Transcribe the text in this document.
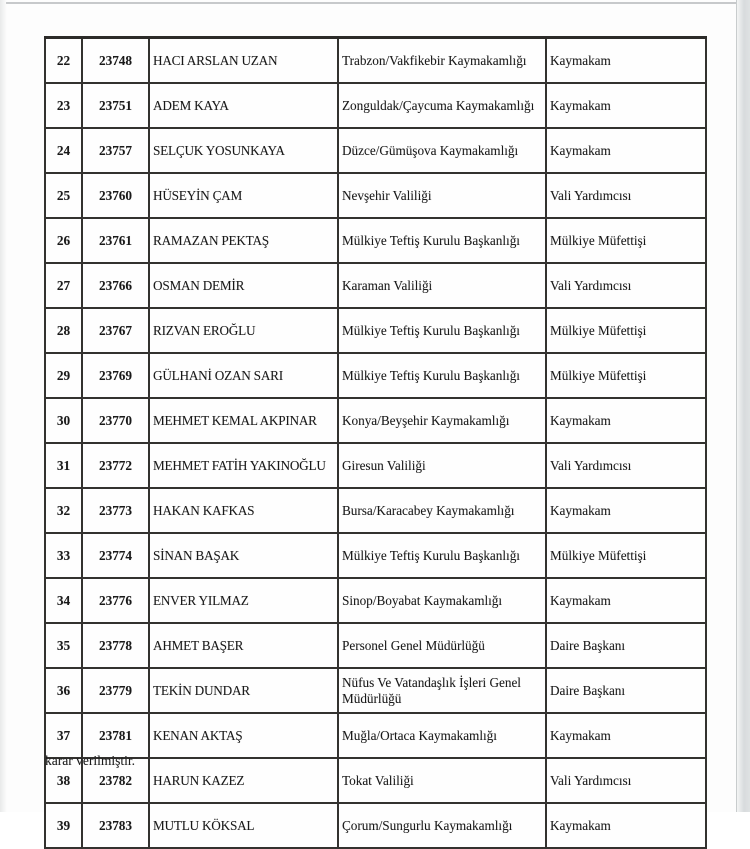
22	23748	HACI ARSLAN UZAN	Trabzon/Vakfikebir Kaymakamlığı	Kaymakam
23	23751	ADEM KAYA	Zonguldak/Çaycuma Kaymakamlığı	Kaymakam
24	23757	SELÇUK YOSUNKAYA	Düzce/Gümüşova Kaymakamlığı	Kaymakam
25	23760	HÜSEYİN ÇAM	Nevşehir Valiliği	Vali Yardımcısı
26	23761	RAMAZAN PEKTAŞ	Mülkiye Teftiş Kurulu Başkanlığı	Mülkiye Müfettişi
27	23766	OSMAN DEMİR	Karaman Valiliği	Vali Yardımcısı
28	23767	RIZVAN EROĞLU	Mülkiye Teftiş Kurulu Başkanlığı	Mülkiye Müfettişi
29	23769	GÜLHANİ OZAN SARI	Mülkiye Teftiş Kurulu Başkanlığı	Mülkiye Müfettişi
30	23770	MEHMET KEMAL AKPINAR	Konya/Beyşehir Kaymakamlığı	Kaymakam
31	23772	MEHMET FATİH YAKINOĞLU	Giresun Valiliği	Vali Yardımcısı
32	23773	HAKAN KAFKAS	Bursa/Karacabey Kaymakamlığı	Kaymakam
33	23774	SİNAN BAŞAK	Mülkiye Teftiş Kurulu Başkanlığı	Mülkiye Müfettişi
34	23776	ENVER YILMAZ	Sinop/Boyabat Kaymakamlığı	Kaymakam
35	23778	AHMET BAŞER	Personel Genel Müdürlüğü	Daire Başkanı
36	23779	TEKİN DUNDAR	Nüfus Ve Vatandaşlık İşleri Genel Müdürlüğü	Daire Başkanı
37	23781	KENAN AKTAŞ	Muğla/Ortaca Kaymakamlığı	Kaymakam
38	23782	HARUN KAZEZ	Tokat Valiliği	Vali Yardımcısı
39	23783	MUTLU KÖKSAL	Çorum/Sungurlu Kaymakamlığı	Kaymakam
karar verilmiştir.
